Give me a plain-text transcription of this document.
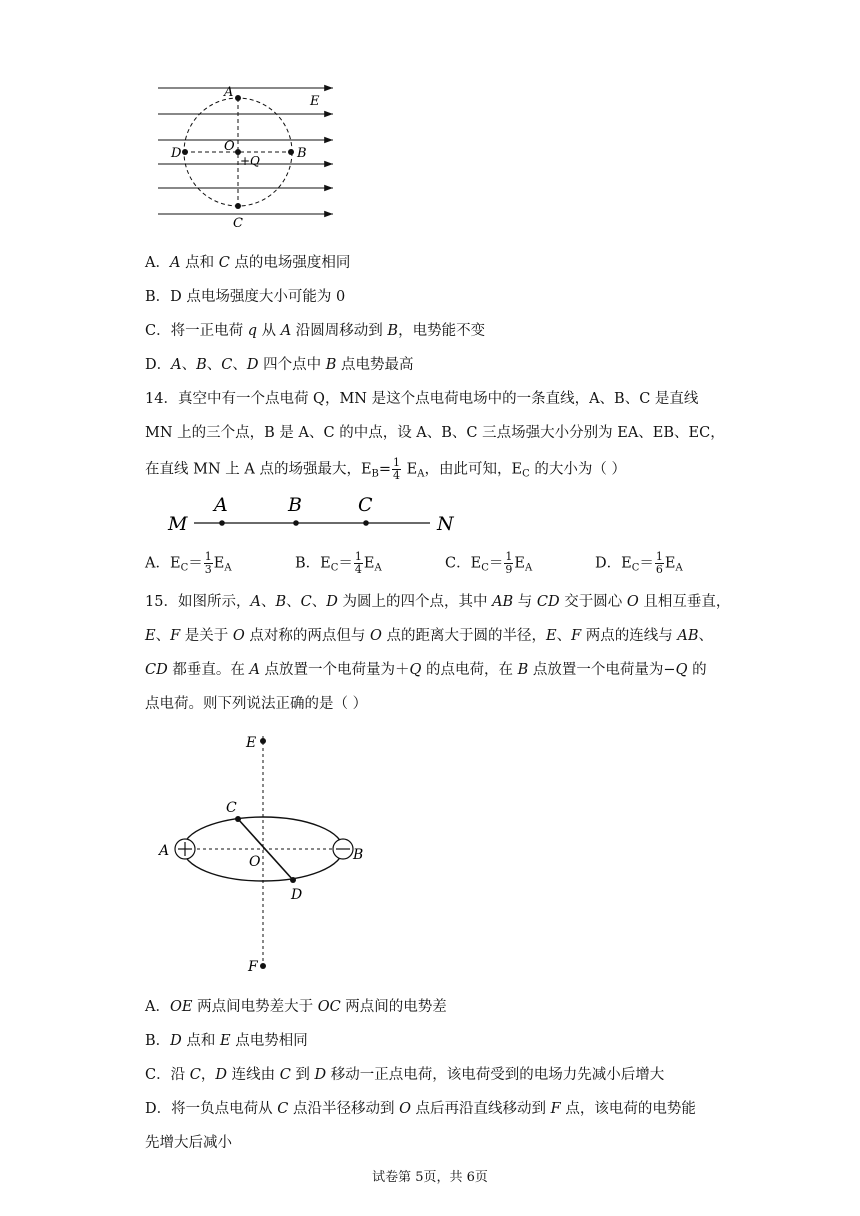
A
E
O
D	B
+Q
C
A．A 点和 C 点的电场强度相同
B．D 点电场强度大小可能为 0
C．将一正电荷 q 从 A 沿圆周移动到 B，电势能不变
D．A、B、C、D 四个点中 B 点电势最高
14．真空中有一个点电荷 Q，MN 是这个点电荷电场中的一条直线，A、B、C 是直线
MN 上的三个点，B 是 A、C 的中点，设 A、B、C 三点场强大小分别为 EA、EB、EC，
在直线 MN 上 A 点的场强最大，$E_B= \frac{1}{4} E_A$，由此可知，$E_C$ 的大小为（ ）
M
A	B	C
N
A．$E_C= \frac{1}{3} E_A$	B．$E_C= \frac{1}{4} E_A$	C．$E_C= \frac{1}{9} E_A$	D．$E_C= \frac{1}{6} E_A$
15．如图所示，A、B、C、D 为圆上的四个点，其中 AB 与 CD 交于圆心 O 且相互垂直，
E、F 是关于 O 点对称的两点但与 O 点的距离大于圆的半径，E、F 两点的连线与 AB、
CD 都垂直。在 A 点放置一个电荷量为＋Q 的点电荷，在 B 点放置一个电荷量为−Q 的
点电荷。则下列说法正确的是（ ）
E
F
C
D
A	B
O
A．OE 两点间电势差大于 OC 两点间的电势差
B．D 点和 E 点电势相同
C．沿 C，D 连线由 C 到 D 移动一正点电荷，该电荷受到的电场力先减小后增大
D．将一负点电荷从 C 点沿半径移动到 O 点后再沿直线移动到 F 点，该电荷的电势能
先增大后减小
试卷第 5页，共 6页
